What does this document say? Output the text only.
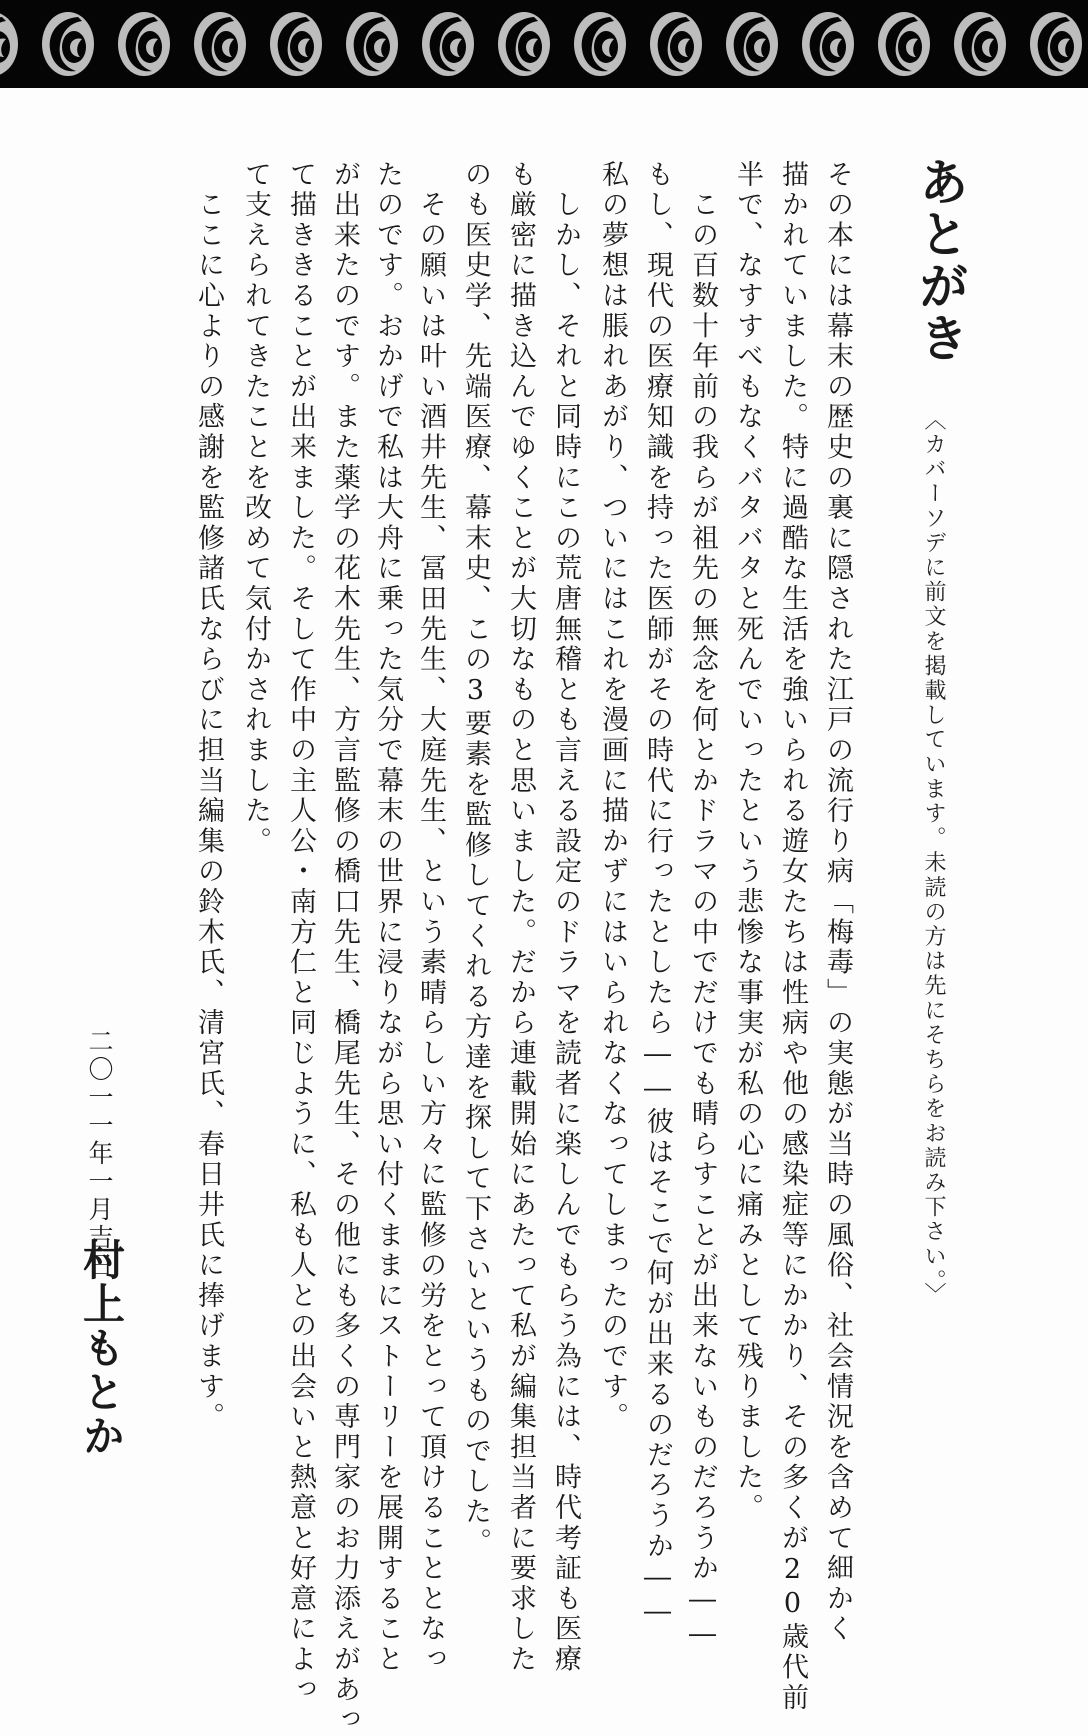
あとがき
〈カバーソデに前文を掲載しています。未読の方は先にそちらをお読み下さい。〉
その本には幕末の歴史の裏に隠された江戸の流行り病「梅毒」の実態が当時の風俗、社会情況を含めて細かく
描かれていました。特に過酷な生活を強いられる遊女たちは性病や他の感染症等にかかり、その多くが20歳代前
半で、なすすべもなくバタバタと死んでいったという悲惨な事実が私の心に痛みとして残りました。
　この百数十年前の我らが祖先の無念を何とかドラマの中でだけでも晴らすことが出来ないものだろうか――
もし、現代の医療知識を持った医師がその時代に行ったとしたら――彼はそこで何が出来るのだろうか――
私の夢想は脹れあがり、ついにはこれを漫画に描かずにはいられなくなってしまったのです。
　しかし、それと同時にこの荒唐無稽とも言える設定のドラマを読者に楽しんでもらう為には、時代考証も医療
も厳密に描き込んでゆくことが大切なものと思いました。だから連載開始にあたって私が編集担当者に要求した
のも医史学、先端医療、幕末史、この3要素を監修してくれる方達を探して下さいというものでした。
　その願いは叶い酒井先生、冨田先生、大庭先生、という素晴らしい方々に監修の労をとって頂けることとなっ
たのです。おかげで私は大舟に乗った気分で幕末の世界に浸りながら思い付くままにストーリーを展開すること
が出来たのです。また薬学の花木先生、方言監修の橋口先生、橋尾先生、その他にも多くの専門家のお力添えがあっ
て描ききることが出来ました。そして作中の主人公・南方仁と同じように、私も人との出会いと熱意と好意によっ
て支えられてきたことを改めて気付かされました。
　ここに心よりの感謝を監修諸氏ならびに担当編集の鈴木氏、清宮氏、春日井氏に捧げます。
二〇一一年一月吉日
村上もとか
